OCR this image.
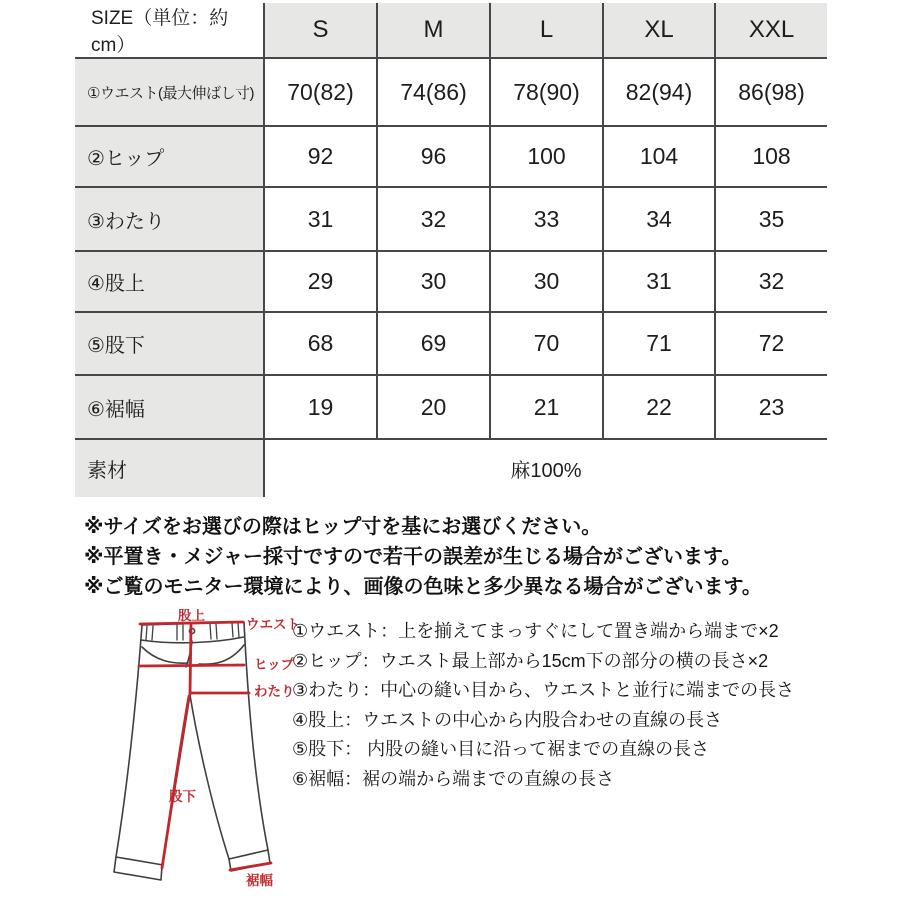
SIZE（単位：約 cm）	S	M	L	XL	XXL
①ウエスト(最大伸ばし寸)	70(82)	74(86)	78(90)	82(94)	86(98)
②ヒップ	92	96	100	104	108
③わたり	31	32	33	34	35
④股上	29	30	30	31	32
⑤股下	68	69	70	71	72
⑥裾幅	19	20	21	22	23
素材	麻100%				
※サイズをお選びの際はヒップ寸を基にお選びください。
※平置き・メジャー採寸ですので若干の誤差が生じる場合がございます。
※ご覧のモニター環境により、画像の色味と多少異なる場合がございます。
股上
ウエスト
ヒップ
わたり
股下
裾幅
①ウエスト：上を揃えてまっすぐにして置き端から端まで×2
②ヒップ：ウエスト最上部から15cm下の部分の横の長さ×2
③わたり：中心の縫い目から、ウエストと並行に端までの長さ
④股上：ウエストの中心から内股合わせの直線の長さ
⑤股下： 内股の縫い目に沿って裾までの直線の長さ
⑥裾幅：裾の端から端までの直線の長さ
